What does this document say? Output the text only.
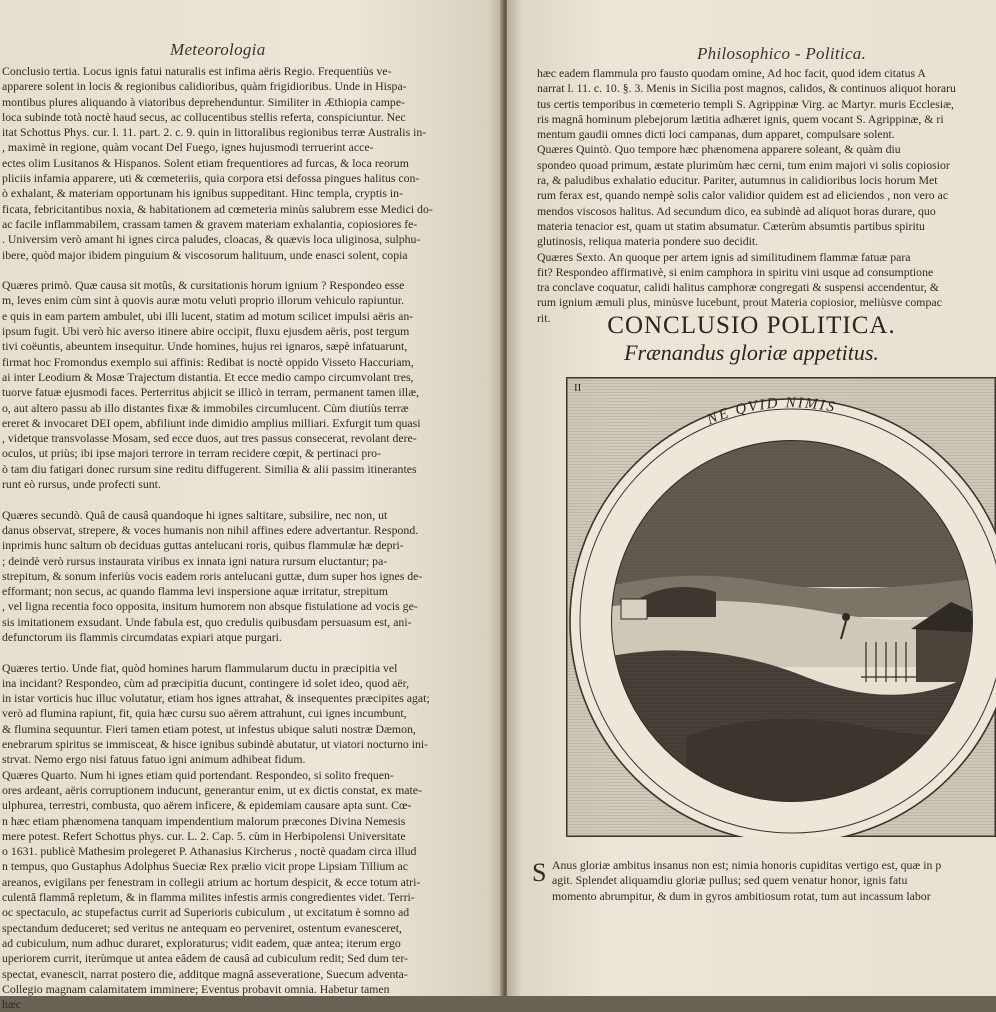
Meteorologia

Conclusio tertia. Locus ignis fatui naturalis est infima aëris Regio. Frequentiùs ve-

apparere solent in locis & regionibus calidioribus, quàm frigidioribus. Unde in Hispa-

montibus plures aliquando à viatoribus deprehenduntur. Similiter in Æthiopia campe-

loca subinde totà noctè haud secus, ac collucentibus stellis referta, conspiciuntur. Nec

itat Schottus Phys. cur. l. 11. part. 2. c. 9. quin in littoralibus regionibus terræ Australis in-

, maximè in regione, quàm vocant Del Fuego, ignes hujusmodi terruerint acce-

ectes olim Lusitanos & Hispanos. Solent etiam frequentiores ad furcas, & loca reorum

pliciis infamia apparere, uti & cœmeteriis, quia corpora etsi defossa pingues halitus con-

ò exhalant, & materiam opportunam his ignibus suppeditant. Hinc templa, cryptis in-

ficata, febricitantibus noxia, & habitationem ad cœmeteria minùs salubrem esse Medici do-

ac facile inflammabilem, crassam tamen & gravem materiam exhalantia, copiosiores fe-

. Universim verò amant hi ignes circa paludes, cloacas, & quævis loca uliginosa, sulphu-

ibere, quòd major ibidem pinguium & viscosorum halituum, unde enasci solent, copia

Quæres primò. Quæ causa sit motûs, & cursitationis horum ignium ? Respondeo esse

m, leves enim cùm sint à quovis auræ motu veluti proprio illorum vehiculo rapiuntur.

e quis in eam partem ambulet, ubi illi lucent, statim ad motum scilicet impulsi aëris an-

ipsum fugit. Ubi verò hic averso itinere abire occipit, fluxu ejusdem aëris, post tergum

tivi coëuntis, abeuntem insequitur. Unde homines, hujus rei ignaros, sæpè infatuarunt,

firmat hoc Fromondus exemplo sui affinis: Redibat is noctè oppido Visseto Haccuriam,

ai inter Leodium & Mosæ Trajectum distantia. Et ecce medio campo circumvolant tres,

tuorve fatuæ ejusmodi faces. Perterritus abjicit se illicò in terram, permanent tamen illæ,

o, aut altero passu ab illo distantes fixæ & immobiles circumlucent. Cùm diutiùs terræ

ereret & invocaret DEI opem, abfiliunt inde dimidio amplius milliari. Exfurgit tum quasi

, videtque transvolasse Mosam, sed ecce duos, aut tres passus consecerat, revolant dere-

oculos, ut priùs; ibi ipse majori terrore in terram recidere cœpit, & pertinaci pro-

ò tam diu fatigari donec rursum sine reditu diffugerent. Similia & alii passim itinerantes

runt eò rursus, unde profecti sunt.

Quæres secundò. Quâ de causâ quandoque hi ignes saltitare, subsilire, nec non, ut

danus observat, strepere, & voces humanis non nihil affines edere advertantur. Respond.

inprimis hunc saltum ob deciduas guttas antelucani roris, quibus flammulæ hæ depri-

; deindè verò rursus instaurata viribus ex innata igni natura rursum eluctantur; pa-

strepitum, & sonum inferiùs vocis eadem roris antelucani guttæ, dum super hos ignes de-

efformant; non secus, ac quando flamma levi inspersione aquæ irritatur, strepitum

, vel ligna recentia foco opposita, insitum humorem non absque fistulatione ad vocis ge-

sis imitationem exsudant. Unde fabula est, quo credulis quibusdam persuasum est, ani-

defunctorum iis flammis circumdatas expiari atque purgari.

Quæres tertio. Unde fiat, quòd homines harum flammularum ductu in præcipitia vel

ina incidant? Respondeo, cùm ad præcipitia ducunt, contingere id solet ideo, quod aër,

in istar vorticis huc illuc volutatur, etiam hos ignes attrahat, & insequentes præcipites agat;

verò ad flumina rapiunt, fit, quia hæc cursu suo aërem attrahunt, cui ignes incumbunt,

& flumina sequuntur. Fieri tamen etiam potest, ut infestus ubique saluti nostræ Dæmon,

enebrarum spiritus se immisceat, & hisce ignibus subindè abutatur, ut viatori nocturno ini-

strvat. Nemo ergo nisi fatuus fatuo igni animum adhibeat fidum.

Quæres Quarto. Num hi ignes etiam quid portendant. Respondeo, si solito frequen-

ores ardeant, aëris corruptionem inducunt, generantur enim, ut ex dictis constat, ex mate-

ulphurea, terrestri, combusta, quo aërem inficere, & epidemiam causare apta sunt. Cœ-

n hæc etiam phænomena tanquam impendentium malorum præcones Divina Nemesis

mere potest. Refert Schottus phys. cur. L. 2. Cap. 5. cùm in Herbipolensi Universitate

o 1631. publicè Mathesim prolegeret P. Athanasius Kircherus , noctè quadam circa illud

n tempus, quo Gustaphus Adolphus Sueciæ Rex prælio vicit prope Lipsiam Tillium ac

areanos, evigilans per fenestram in collegii atrium ac hortum despicit, & ecce totum atri-

culentâ flammâ repletum, & in flamma milites infestis armis congredientes videt. Terri-

oc spectaculo, ac stupefactus currit ad Superioris cubiculum , ut excitatum è somno ad

spectandum deduceret; sed veritus ne antequam eo perveniret, ostentum evanesceret,

ad cubiculum, num adhuc duraret, exploraturus; vidit eadem, quæ antea; iterum ergo

uperiorem currit, iterùmque ut antea eâdem de causâ ad cubiculum redit; Sed dum ter-

spectat, evanescit, narrat postero die, additque magnâ asseveratione, Suecum adventa-

Collegio magnam calamitatem imminere; Eventus probavit omnia. Habetur tamen

hæc

Philosophico - Politica.

hæc eadem flammula pro fausto quodam omine, Ad hoc facit, quod idem citatus A

narrat l. 11. c. 10. §. 3. Menis in Sicilia post magnos, calidos, & continuos aliquot horaru

tus certis temporibus in cœmeterio templi S. Agrippinæ Virg. ac Martyr. muris Ecclesiæ,

ris magnâ hominum plebejorum lætitia adhæret ignis, quem vocant S. Agrippinæ, & ri

mentum gaudii omnes dicti loci campanas, dum apparet, compulsare solent.

Quæres Quintò. Quo tempore hæc phænomena apparere soleant, & quàm diu

spondeo quoad primum, æstate plurimùm hæc cerni, tum enim majori vi solis copiosior

ra, & paludibus exhalatio educitur. Pariter, autumnus in calidioribus locis horum Met

rum ferax est, quando nempè solis calor validior quidem est ad eliciendos , non vero ac

mendos viscosos halitus. Ad secundum dico, ea subindè ad aliquot horas durare, quo

materia tenacior est, quam ut statim absumatur. Cæterùm absumtis partibus spiritu

glutinosis, reliqua materia pondere suo decidit.

Quæres Sexto. An quoque per artem ignis ad similitudinem flammæ fatuæ para

fit? Respondeo affirmativè, si enim camphora in spiritu vini usque ad consumptione

tra conclave coquatur, calidi halitus camphoræ congregati & suspensi accendentur, &

rum ignium æmuli plus, minùsve lucebunt, prout Materia copiosior, meliùsve compac

rit.	CONCLUSIO POLITICA.
Frænandus gloriæ appetitus.
NE QVID NIMIS
II
S Anus gloriæ ambitus insanus non est; nimia honoris cupiditas vertigo est, quæ in p

agit. Splendet aliquamdiu gloriæ pullus; sed quem venatur honor, ignis fatu

momento abrumpitur, & dum in gyros ambitiosum rotat, tum aut incassum labor
